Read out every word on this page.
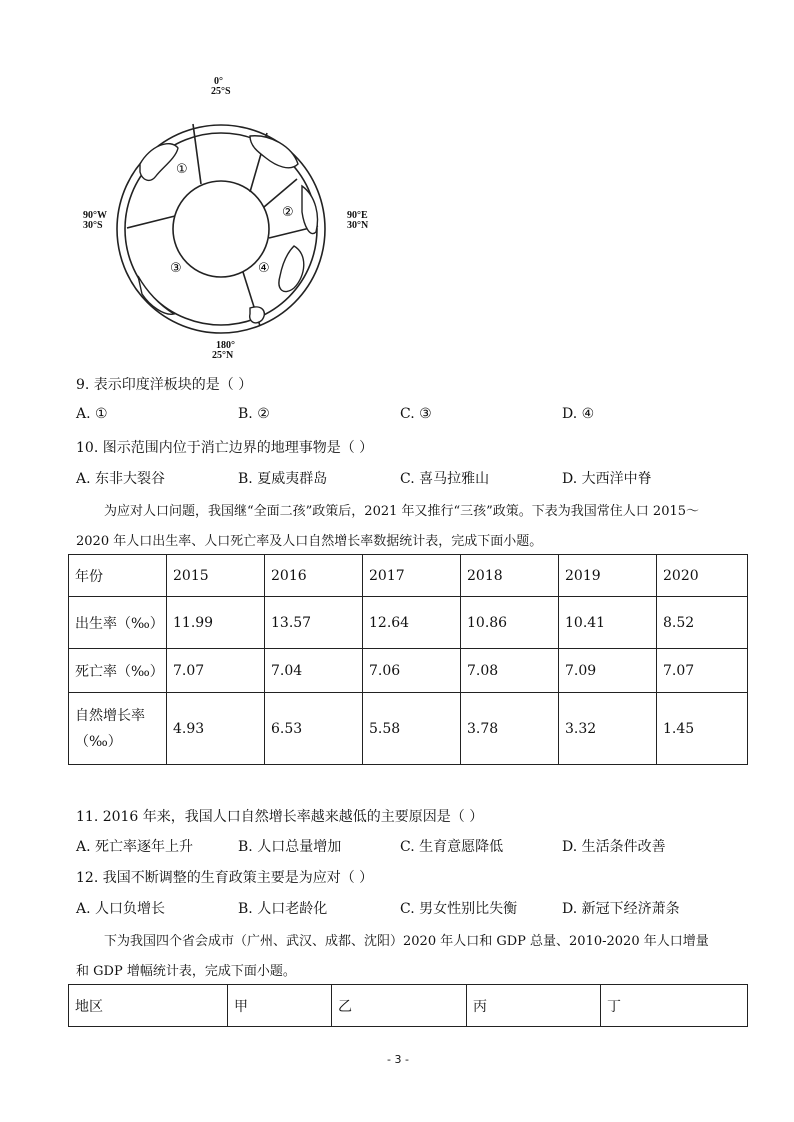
①
②
③	④
0°
25°S
90°W
30°S
90°E
30°N
180°
25°N
9. 表示印度洋板块的是（ ）
A. ①	B. ②	C. ③	D. ④
10. 图示范围内位于消亡边界的地理事物是（ ）
A. 东非大裂谷	B. 夏威夷群岛	C. 喜马拉雅山	D. 大西洋中脊
为应对人口问题，我国继“全面二孩”政策后，2021 年又推行“三孩”政策。下表为我国常住人口 2015～
2020 年人口出生率、人口死亡率及人口自然增长率数据统计表，完成下面小题。
年份	2015	2016	2017	2018	2019	2020
出生率（‰）	11.99	13.57	12.64	10.86	10.41	8.52
死亡率（‰）	7.07	7.04	7.06	7.08	7.09	7.07

自然增长率
（‰）	4.93	6.53	5.58	3.78	3.32	1.45
11. 2016 年来，我国人口自然增长率越来越低的主要原因是（ ）
A. 死亡率逐年上升	B. 人口总量增加	C. 生育意愿降低	D. 生活条件改善
12. 我国不断调整的生育政策主要是为应对（ ）
A. 人口负增长	B. 人口老龄化	C. 男女性别比失衡	D. 新冠下经济萧条
下为我国四个省会成市（广州、武汉、成都、沈阳）2020 年人口和 GDP 总量、2010-2020 年人口增量
和 GDP 增幅统计表，完成下面小题。
地区	甲	乙	丙	丁
- 3 -
